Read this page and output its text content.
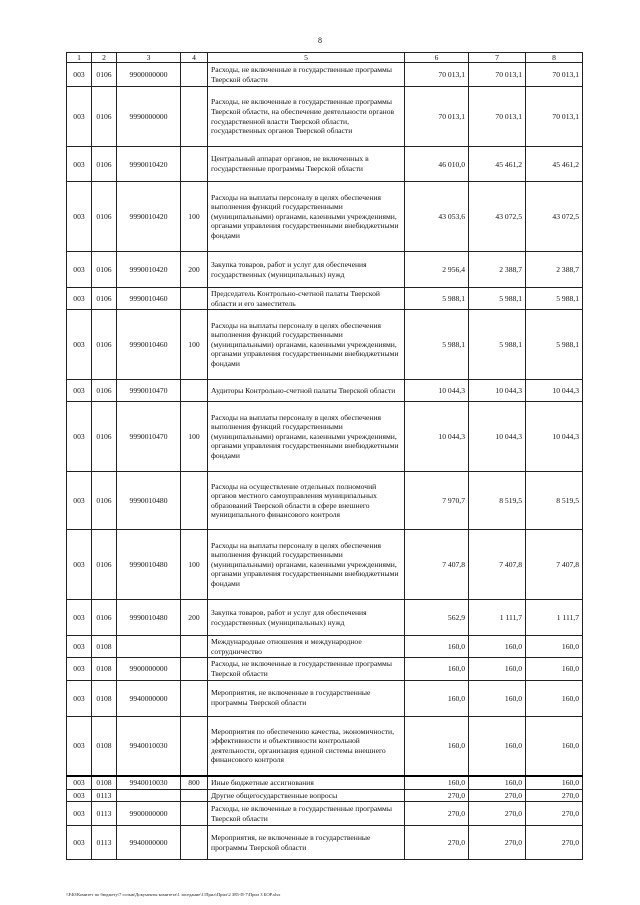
8
1	2	3	4	5	6	7	8
003	0106	9900000000		Расходы, не включенные в государственные программы Тверской области	70 013,1	70 013,1	70 013,1
003	0106	9990000000		Расходы, не включенные в государственные программы Тверской области, на обеспечение деятельности органов государственной власти Тверской области, государственных органов Тверской области	70 013,1	70 013,1	70 013,1
003	0106	9990010420		Центральный аппарат органов, не включенных в государственные программы Тверской области	46 010,0	45 461,2	45 461,2
003	0106	9990010420	100	Расходы на выплаты персоналу в целях обеспечения выполнения функций государственными (муниципальными) органами, казенными учреждениями, органами управления государственными внебюджетными фондами	43 053,6	43 072,5	43 072,5
003	0106	9990010420	200	Закупка товаров, работ и услуг для обеспечения государственных (муниципальных) нужд	2 956,4	2 388,7	2 388,7
003	0106	9990010460		Председатель Контрольно-счетной палаты Тверской области и его заместитель	5 988,1	5 988,1	5 988,1
003	0106	9990010460	100	Расходы на выплаты персоналу в целях обеспечения выполнения функций государственными (муниципальными) органами, казенными учреждениями, органами управления государственными внебюджетными фондами	5 988,1	5 988,1	5 988,1
003	0106	9990010470		Аудиторы Контрольно-счетной палаты Тверской области	10 044,3	10 044,3	10 044,3
003	0106	9990010470	100	Расходы на выплаты персоналу в целях обеспечения выполнения функций государственными (муниципальными) органами, казенными учреждениями, органами управления государственными внебюджетными фондами	10 044,3	10 044,3	10 044,3
003	0106	9990010480		Расходы на осуществление отдельных полномочий органов местного самоуправления муниципальных образований Тверской области в сфере внешнего муниципального финансового контроля	7 970,7	8 519,5	8 519,5
003	0106	9990010480	100	Расходы на выплаты персоналу в целях обеспечения выполнения функций государственными (муниципальными) органами, казенными учреждениями, органами управления государственными внебюджетными фондами	7 407,8	7 407,8	7 407,8
003	0106	9990010480	200	Закупка товаров, работ и услуг для обеспечения государственных (муниципальных) нужд	562,9	1 111,7	1 111,7
003	0108			Международные отношения и международное сотрудничество	160,0	160,0	160,0
003	0108	9900000000		Расходы, не включенные в государственные программы Тверской области	160,0	160,0	160,0
003	0108	9940000000		Мероприятия, не включенные в государственные программы Тверской области	160,0	160,0	160,0
003	0108	9940010030		Мероприятия по обеспечению качества, экономичности, эффективности и объективности контрольной деятельности, организация единой системы внешнего финансового контроля	160,0	160,0	160,0
003	0108	9940010030	800	Иные бюджетные ассигнования	160,0	160,0	160,0
003	0113			Другие общегосударственные вопросы	270,0	270,0	270,0
003	0113	9900000000		Расходы, не включенные в государственные программы Тверской области	270,0	270,0	270,0
003	0113	9940000000		Мероприятия, не включенные в государственные программы Тверской области	270,0	270,0	270,0
\\F40\Комитет по бюджету\7 созыв\Документы комитета\1 заседание\1\Прил\Прил\2 385-П-7\Прил 3 БОР.xlsx
